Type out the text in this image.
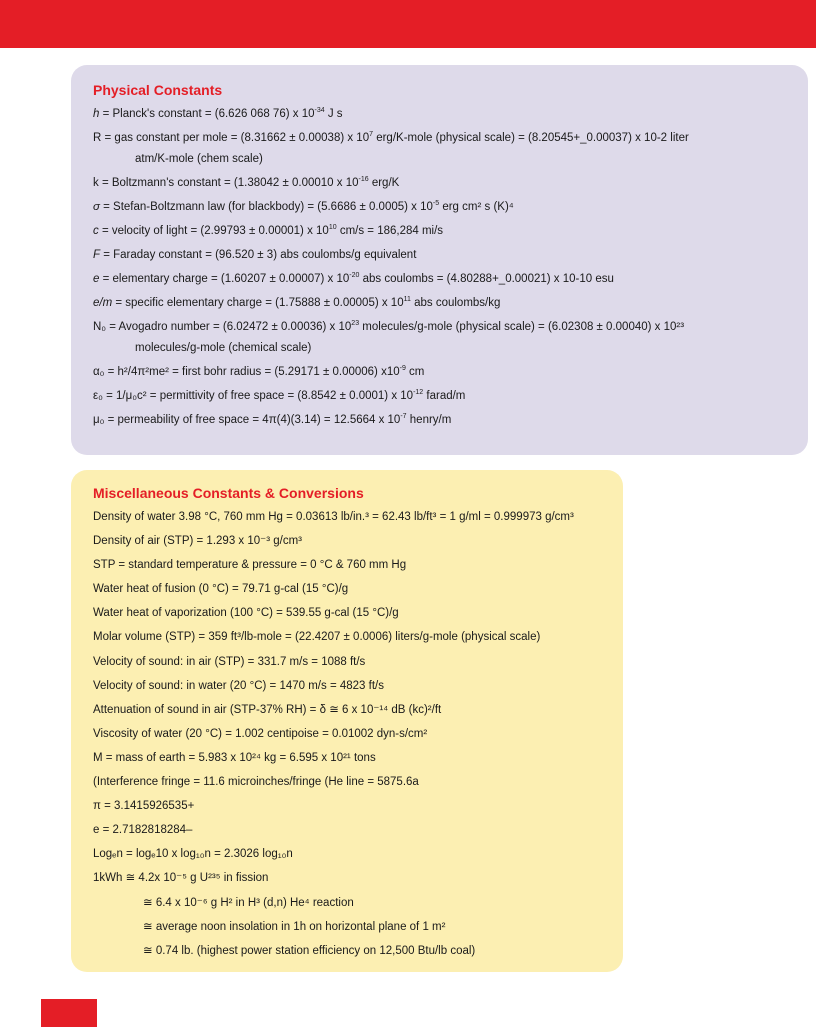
Physical Constants
h = Planck's constant = (6.626 068 76) x $10^{-34}$ J s
R = gas constant per mole = (8.31662 ± 0.00038) x $10^7$ erg/K-mole (physical scale) = (8.20545+_0.00037) x 10-2 liter
atm/K-mole (chem scale)
k = Boltzmann's constant = (1.38042 ± 0.00010 x $10^{-16}$ erg/K
σ = Stefan-Boltzmann law (for blackbody) = (5.6686 ± 0.0005) x $10^{-5}$ erg cm² s (K)⁴
c = velocity of light = (2.99793 ± 0.00001) x $10^{10}$ cm/s = 186,284 mi/s
F = Faraday constant = (96.520 ± 3) abs coulombs/g equivalent
e = elementary charge = (1.60207 ± 0.00007) x $10^{-20}$ abs coulombs = (4.80288+_0.00021) x 10-10 esu
e/m = specific elementary charge = (1.75888 ± 0.00005) x $10^{11}$ abs coulombs/kg
N₀ = Avogadro number = (6.02472 ± 0.00036) x $10^{23}$ molecules/g-mole (physical scale) = (6.02308 ± 0.00040) x 10²³
molecules/g-mole (chemical scale)
α₀ = h²/4π²me² = first bohr radius = (5.29171 ± 0.00006) $x10^{-9}$ cm
ε₀ = 1/μ₀c² = permittivity of free space = (8.8542 ± 0.0001) x $10^{-12}$ farad/m
μ₀ = permeability of free space = 4π(4)(3.14) = 12.5664 x $10^{-7}$ henry/m
Miscellaneous Constants & Conversions
Density of water 3.98 °C, 760 mm Hg = 0.03613 lb/in.³ = 62.43 lb/ft³ = 1 g/ml = 0.999973 g/cm³
Density of air (STP) = 1.293 x 10⁻³ g/cm³
STP = standard temperature & pressure = 0 °C & 760 mm Hg
Water heat of fusion (0 °C) = 79.71 g-cal (15 °C)/g
Water heat of vaporization (100 °C) = 539.55 g-cal (15 °C)/g
Molar volume (STP) = 359 ft³/lb-mole = (22.4207 ± 0.0006) liters/g-mole (physical scale)
Velocity of sound: in air (STP) = 331.7 m/s = 1088 ft/s
Velocity of sound: in water (20 °C) = 1470 m/s = 4823 ft/s
Attenuation of sound in air (STP-37% RH) = δ ≅ 6 x 10⁻¹⁴ dB (kc)²/ft
Viscosity of water (20 °C) = 1.002 centipoise = 0.01002 dyn-s/cm²
M = mass of earth = 5.983 x 10²⁴ kg = 6.595 x 10²¹ tons
(Interference fringe = 11.6 microinches/fringe (He line = 5875.6a
π = 3.1415926535+
e = 2.7182818284–
Logₑn = logₑ10 x log₁₀n = 2.3026 log₁₀n
1kWh ≅ 4.2x 10⁻⁵ g U²³⁵ in fission
≅ 6.4 x 10⁻⁶ g H² in H³ (d,n) He⁴ reaction
≅ average noon insolation in 1h on horizontal plane of 1 m²
≅ 0.74 lb. (highest power station efficiency on 12,500 Btu/lb coal)
